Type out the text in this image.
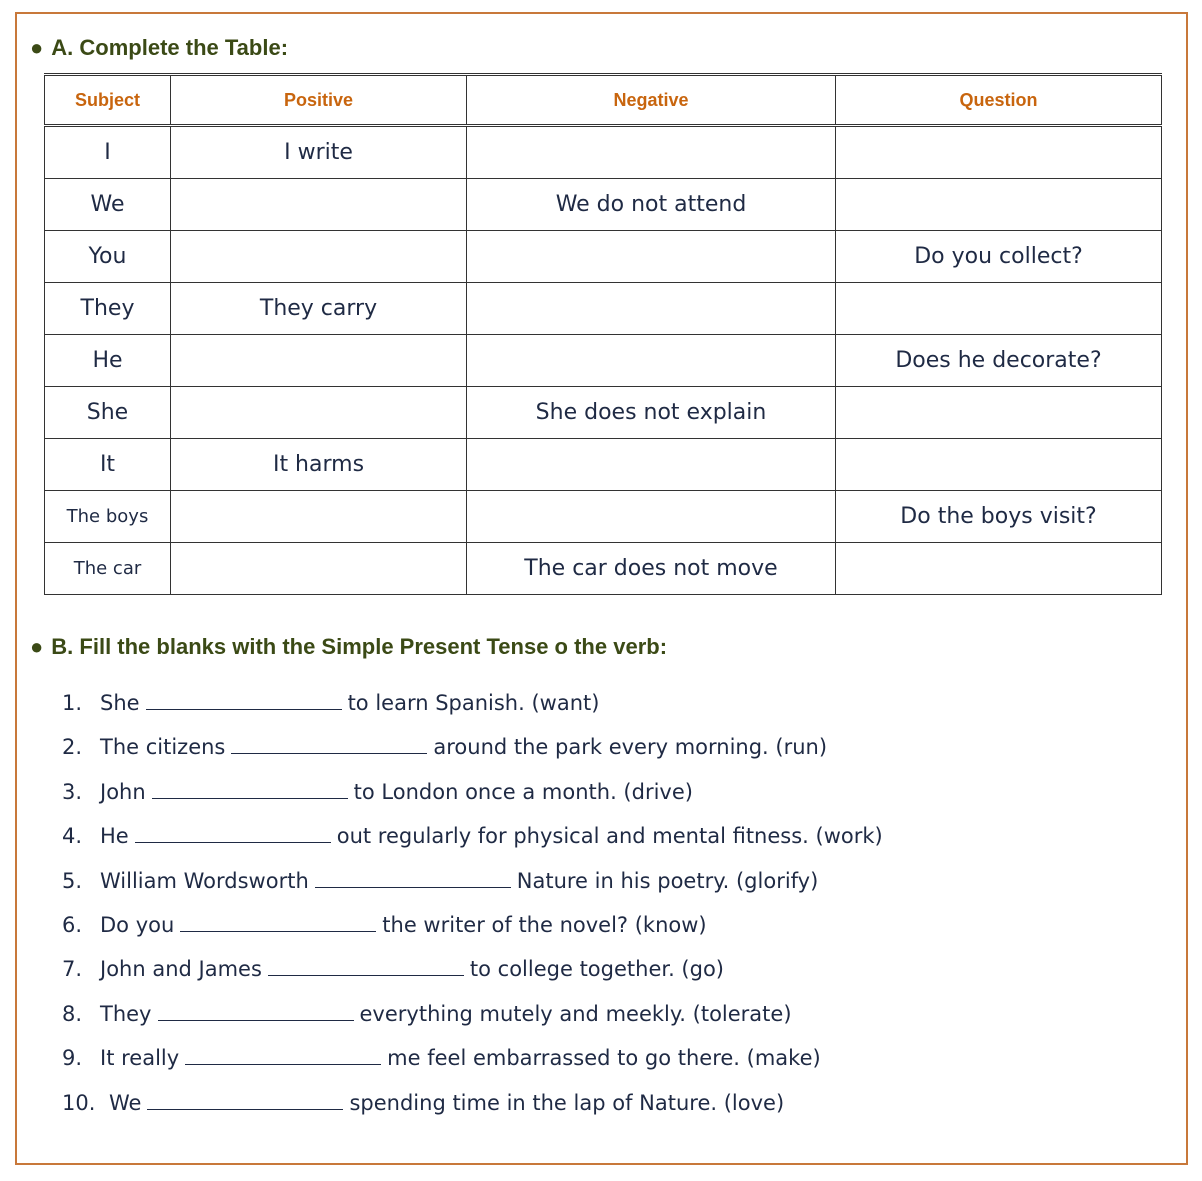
● A. Complete the Table:
Subject	Positive	Negative	Question
I	I write		
We		We do not attend	
You			Do you collect?
They	They carry		
He			Does he decorate?
She		She does not explain	
It	It harms		
The boys			Do the boys visit?
The car		The car does not move	
● B. Fill the blanks with the Simple Present Tense o the verb:
1. She	to learn Spanish. (want)
2. The citizens	around the park every morning. (run)
3. John	to London once a month. (drive)
4. He	out regularly for physical and mental fitness. (work)
5. William Wordsworth	Nature in his poetry. (glorify)
6. Do you	the writer of the novel? (know)
7. John and James	to college together. (go)
8. They	everything mutely and meekly. (tolerate)
9. It really	me feel embarrassed to go there. (make)
10. We	spending time in the lap of Nature. (love)
